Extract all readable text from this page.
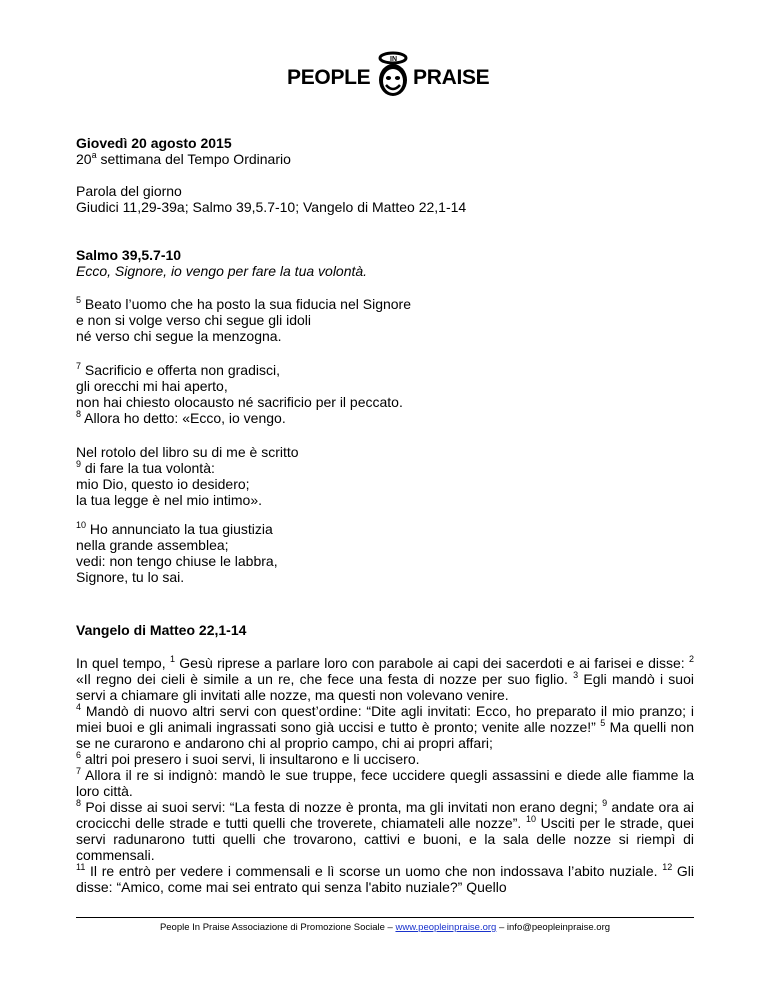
PEOPLE
IN
PRAISE

Giovedì 20 agosto 2015

20$^a$ settimana del Tempo Ordinario

Parola del giorno

Giudici 11,29-39a; Salmo 39,5.7-10; Vangelo di Matteo 22,1-14

Salmo 39,5.7-10

Ecco, Signore, io vengo per fare la tua volontà.

$^5$ Beato l’uomo che ha posto la sua fiducia nel Signore

e non si volge verso chi segue gli idoli

né verso chi segue la menzogna.

$^7$ Sacrificio e offerta non gradisci,

gli orecchi mi hai aperto,

non hai chiesto olocausto né sacrificio per il peccato.

$^8$ Allora ho detto: «Ecco, io vengo.

Nel rotolo del libro su di me è scritto

$^9$ di fare la tua volontà:

mio Dio, questo io desidero;

la tua legge è nel mio intimo».

$^{10}$ Ho annunciato la tua giustizia

nella grande assemblea;

vedi: non tengo chiuse le labbra,

Signore, tu lo sai.

Vangelo di Matteo 22,1-14

In quel tempo, $^1$ Gesù riprese a parlare loro con parabole ai capi dei sacerdoti e ai farisei e disse: $^2$ «Il regno dei cieli è simile a un re, che fece una festa di nozze per suo figlio. $^3$ Egli mandò i suoi servi a chiamare gli invitati alle nozze, ma questi non volevano venire.

$^4$ Mandò di nuovo altri servi con quest’ordine: “Dite agli invitati: Ecco, ho preparato il mio pranzo; i miei buoi e gli animali ingrassati sono già uccisi e tutto è pronto; venite alle nozze!” $^5$ Ma quelli non se ne curarono e andarono chi al proprio campo, chi ai propri affari;

$^6$ altri poi presero i suoi servi, li insultarono e li uccisero.

$^7$ Allora il re si indignò: mandò le sue truppe, fece uccidere quegli assassini e diede alle fiamme la loro città.

$^8$ Poi disse ai suoi servi: “La festa di nozze è pronta, ma gli invitati non erano degni; $^9$ andate ora ai crocicchi delle strade e tutti quelli che troverete, chiamateli alle nozze”. $^{10}$ Usciti per le strade, quei servi radunarono tutti quelli che trovarono, cattivi e buoni, e la sala delle nozze si riempì di commensali.

$^{11}$ Il re entrò per vedere i commensali e lì scorse un uomo che non indossava l’abito nuziale. $^{12}$ Gli disse: “Amico, come mai sei entrato qui senza l'abito nuziale?” Quello

People In Praise Associazione di Promozione Sociale – www.peopleinpraise.org – info@peopleinpraise.org
